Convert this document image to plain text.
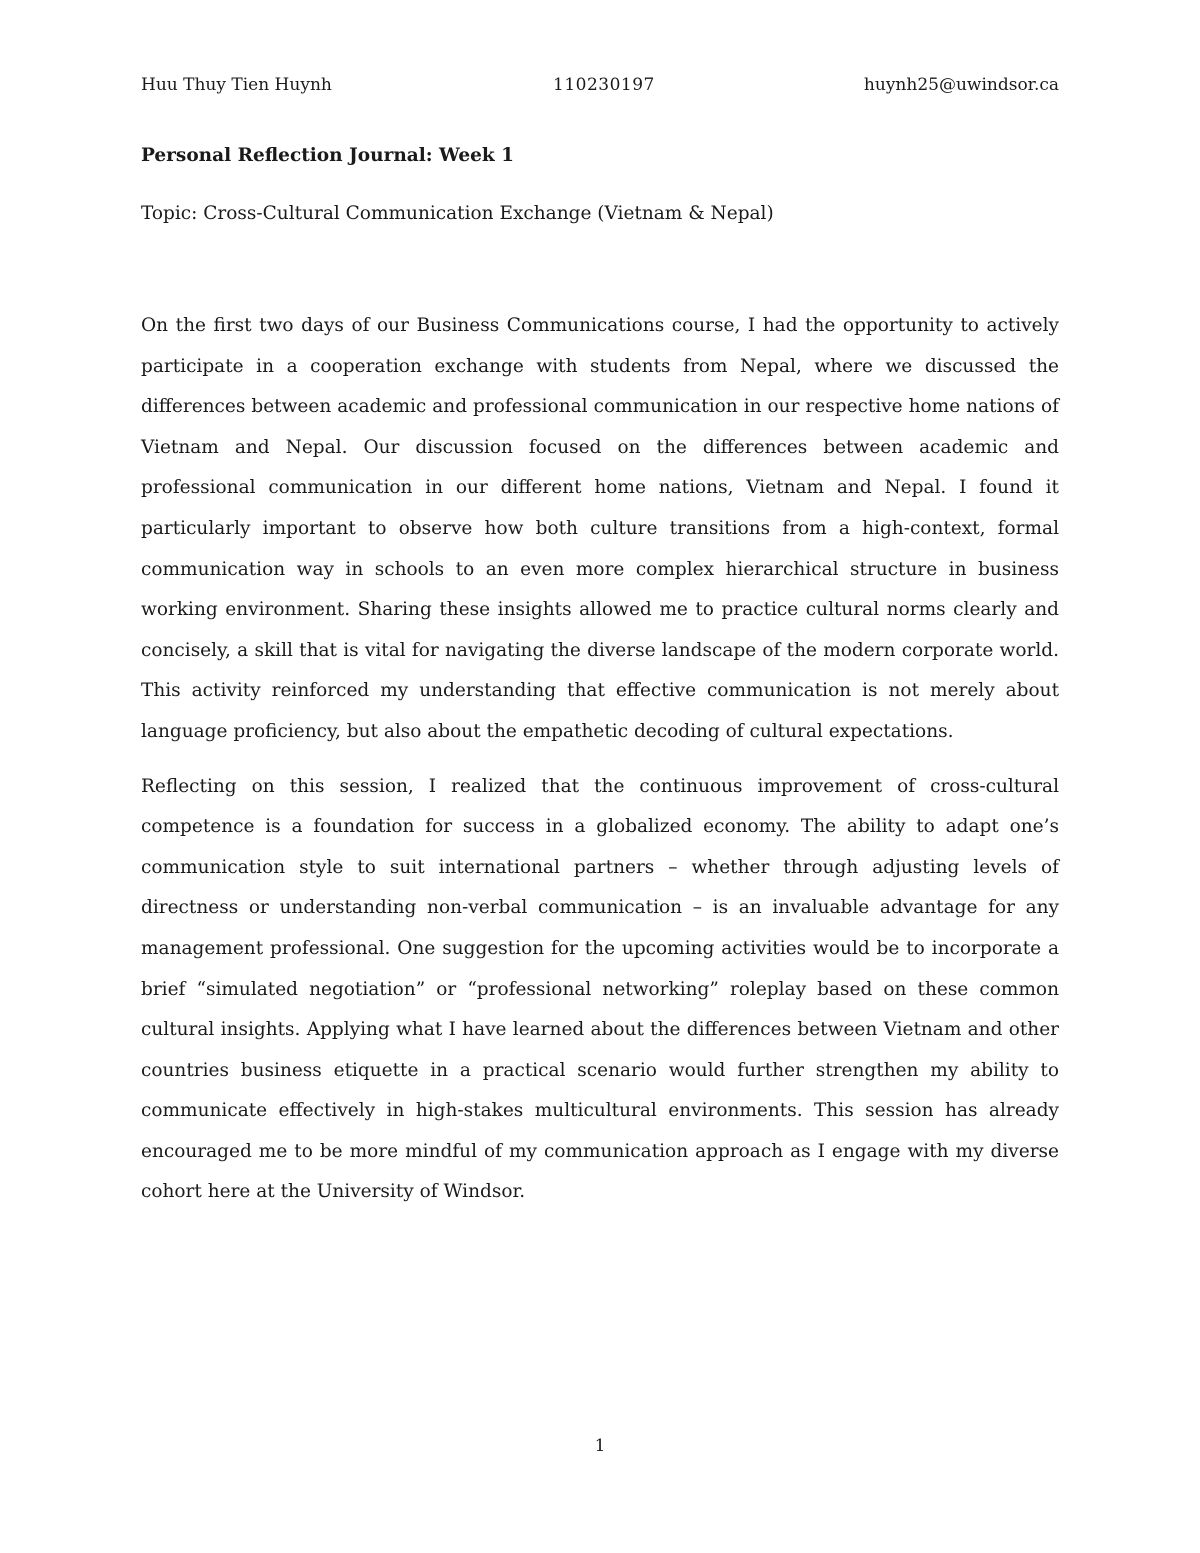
Huu Thuy Tien Huynh	110230197	huynh25@uwindsor.ca
Personal Reflection Journal: Week 1

Topic: Cross-Cultural Communication Exchange (Vietnam & Nepal)

On the first two days of our Business Communications course, I had the opportunity to actively participate in a cooperation exchange with students from Nepal, where we discussed the differences between academic and professional communication in our respective home nations of Vietnam and Nepal. Our discussion focused on the differences between academic and professional communication in our different home nations, Vietnam and Nepal. I found it particularly important to observe how both culture transitions from a high-context, formal communication way in schools to an even more complex hierarchical structure in business working environment. Sharing these insights allowed me to practice cultural norms clearly and concisely, a skill that is vital for navigating the diverse landscape of the modern corporate world. This activity reinforced my understanding that effective communication is not merely about language proficiency, but also about the empathetic decoding of cultural expectations.

Reflecting on this session, I realized that the continuous improvement of cross-cultural competence is a foundation for success in a globalized economy. The ability to adapt one’s communication style to suit international partners – whether through adjusting levels of directness or understanding non-verbal communication – is an invaluable advantage for any management professional. One suggestion for the upcoming activities would be to incorporate a brief “simulated negotiation” or “professional networking” roleplay based on these common cultural insights. Applying what I have learned about the differences between Vietnam and other countries business etiquette in a practical scenario would further strengthen my ability to communicate effectively in high-stakes multicultural environments. This session has already encouraged me to be more mindful of my communication approach as I engage with my diverse cohort here at the University of Windsor.

1
